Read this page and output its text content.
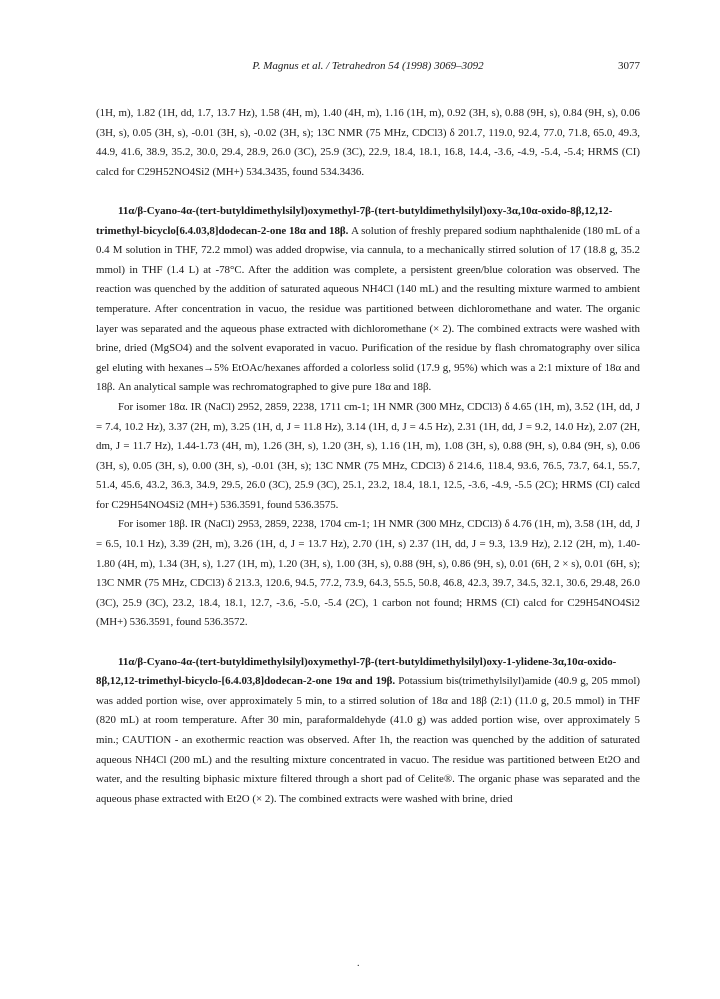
P. Magnus et al. / Tetrahedron 54 (1998) 3069–3092	3077

(1H, m), 1.82 (1H, dd, 1.7, 13.7 Hz), 1.58 (4H, m), 1.40 (4H, m), 1.16 (1H, m), 0.92 (3H, s), 0.88 (9H, s), 0.84 (9H, s), 0.06 (3H, s), 0.05 (3H, s), -0.01 (3H, s), -0.02 (3H, s); 13C NMR (75 MHz, CDCl3) δ 201.7, 119.0, 92.4, 77.0, 71.8, 65.0, 49.3, 44.9, 41.6, 38.9, 35.2, 30.0, 29.4, 28.9, 26.0 (3C), 25.9 (3C), 22.9, 18.4, 18.1, 16.8, 14.4, -3.6, -4.9, -5.4, -5.4; HRMS (CI) calcd for C29H52NO4Si2 (MH+) 534.3435, found 534.3436.

11α/β-Cyano-4α-(tert-butyldimethylsilyl)oxymethyl-7β-(tert-butyldimethylsilyl)oxy-3α,10α-oxido-8β,12,12-trimethyl-bicyclo[6.4.03,8]dodecan-2-one 18α and 18β. A solution of freshly prepared sodium naphthalenide (180 mL of a 0.4 M solution in THF, 72.2 mmol) was added dropwise, via cannula, to a mechanically stirred solution of 17 (18.8 g, 35.2 mmol) in THF (1.4 L) at -78°C. After the addition was complete, a persistent green/blue coloration was observed. The reaction was quenched by the addition of saturated aqueous NH4Cl (140 mL) and the resulting mixture warmed to ambient temperature. After concentration in vacuo, the residue was partitioned between dichloromethane and water. The organic layer was separated and the aqueous phase extracted with dichloromethane (× 2). The combined extracts were washed with brine, dried (MgSO4) and the solvent evaporated in vacuo. Purification of the residue by flash chromatography over silica gel eluting with hexanes→5% EtOAc/hexanes afforded a colorless solid (17.9 g, 95%) which was a 2:1 mixture of 18α and 18β. An analytical sample was rechromatographed to give pure 18α and 18β.

For isomer 18α. IR (NaCl) 2952, 2859, 2238, 1711 cm-1; 1H NMR (300 MHz, CDCl3) δ 4.65 (1H, m), 3.52 (1H, dd, J = 7.4, 10.2 Hz), 3.37 (2H, m), 3.25 (1H, d, J = 11.8 Hz), 3.14 (1H, d, J = 4.5 Hz), 2.31 (1H, dd, J = 9.2, 14.0 Hz), 2.07 (2H, dm, J = 11.7 Hz), 1.44-1.73 (4H, m), 1.26 (3H, s), 1.20 (3H, s), 1.16 (1H, m), 1.08 (3H, s), 0.88 (9H, s), 0.84 (9H, s), 0.06 (3H, s), 0.05 (3H, s), 0.00 (3H, s), -0.01 (3H, s); 13C NMR (75 MHz, CDCl3) δ 214.6, 118.4, 93.6, 76.5, 73.7, 64.1, 55.7, 51.4, 45.6, 43.2, 36.3, 34.9, 29.5, 26.0 (3C), 25.9 (3C), 25.1, 23.2, 18.4, 18.1, 12.5, -3.6, -4.9, -5.5 (2C); HRMS (CI) calcd for C29H54NO4Si2 (MH+) 536.3591, found 536.3575.

For isomer 18β. IR (NaCl) 2953, 2859, 2238, 1704 cm-1; 1H NMR (300 MHz, CDCl3) δ 4.76 (1H, m), 3.58 (1H, dd, J = 6.5, 10.1 Hz), 3.39 (2H, m), 3.26 (1H, d, J = 13.7 Hz), 2.70 (1H, s) 2.37 (1H, dd, J = 9.3, 13.9 Hz), 2.12 (2H, m), 1.40-1.80 (4H, m), 1.34 (3H, s), 1.27 (1H, m), 1.20 (3H, s), 1.00 (3H, s), 0.88 (9H, s), 0.86 (9H, s), 0.01 (6H, 2 × s), 0.01 (6H, s); 13C NMR (75 MHz, CDCl3) δ 213.3, 120.6, 94.5, 77.2, 73.9, 64.3, 55.5, 50.8, 46.8, 42.3, 39.7, 34.5, 32.1, 30.6, 29.48, 26.0 (3C), 25.9 (3C), 23.2, 18.4, 18.1, 12.7, -3.6, -5.0, -5.4 (2C), 1 carbon not found; HRMS (CI) calcd for C29H54NO4Si2 (MH+) 536.3591, found 536.3572.

11α/β-Cyano-4α-(tert-butyldimethylsilyl)oxymethyl-7β-(tert-butyldimethylsilyl)oxy-1-ylidene-3α,10α-oxido-8β,12,12-trimethyl-bicyclo-[6.4.03,8]dodecan-2-one 19α and 19β. Potassium bis(trimethylsilyl)amide (40.9 g, 205 mmol) was added portion wise, over approximately 5 min, to a stirred solution of 18α and 18β (2:1) (11.0 g, 20.5 mmol) in THF (820 mL) at room temperature. After 30 min, paraformaldehyde (41.0 g) was added portion wise, over approximately 5 min.; CAUTION - an exothermic reaction was observed. After 1h, the reaction was quenched by the addition of saturated aqueous NH4Cl (200 mL) and the resulting mixture concentrated in vacuo. The residue was partitioned between Et2O and water, and the resulting biphasic mixture filtered through a short pad of Celite®. The organic phase was separated and the aqueous phase extracted with Et2O (× 2). The combined extracts were washed with brine, dried

.
